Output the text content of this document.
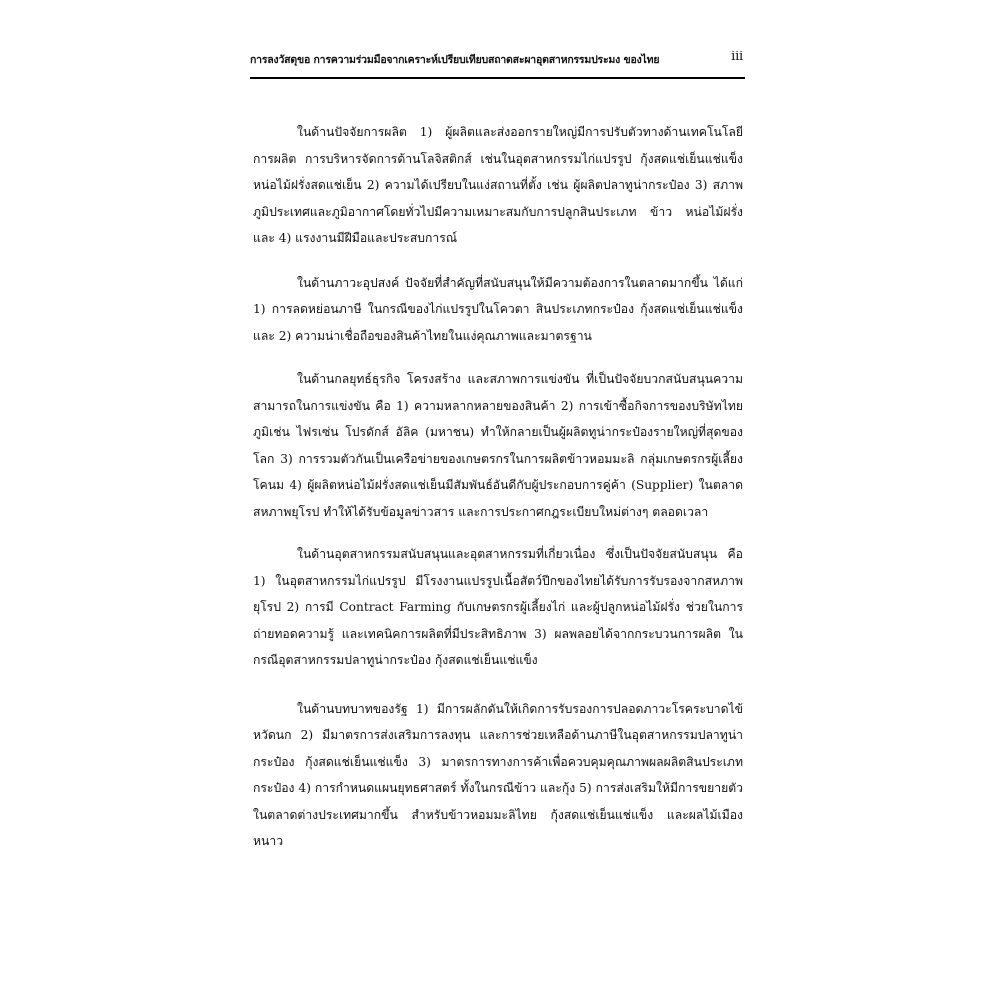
การลงวัสดุขอ การความร่วมมือจากเคราะห์เปรียบเทียบสถาดสะผาอุตสาหกรรมประมง ของไทย	iii

ในด้านปัจจัยการผลิต 1) ผู้ผลิตและส่งออกรายใหญ่มีการปรับตัวทางด้านเทคโนโลยีการผลิต การบริหารจัดการด้านโลจิสติกส์ เช่นในอุตสาหกรรมไก่แปรรูป กุ้งสดแช่เย็นแช่แข็ง หน่อไม้ฝรั่งสดแช่เย็น 2) ความได้เปรียบในแง่สถานที่ตั้ง เช่น ผู้ผลิตปลาทูน่ากระป๋อง 3) สภาพภูมิประเทศและภูมิอากาศโดยทั่วไปมีความเหมาะสมกับการปลูกสินประเภท ข้าว หน่อไม้ฝรั่ง และ 4) แรงงานมีฝีมือและประสบการณ์

ในด้านภาวะอุปสงค์ ปัจจัยที่สำคัญที่สนับสนุนให้มีความต้องการในตลาดมากขึ้น ได้แก่ 1) การลดหย่อนภาษี ในกรณีของไก่แปรรูปในโควตา สินประเภทกระป๋อง กุ้งสดแช่เย็นแช่แข็ง และ 2) ความน่าเชื่อถือของสินค้าไทยในแง่คุณภาพและมาตรฐาน

ในด้านกลยุทธ์ธุรกิจ โครงสร้าง และสภาพการแข่งขัน ที่เป็นปัจจัยบวกสนับสนุนความสามารถในการแข่งขัน คือ 1) ความหลากหลายของสินค้า 2) การเข้าซื้อกิจการของบริษัทไทยภูมิเช่น ไฟรเซ่น โปรดักส์ อัลิค (มหาชน) ทำให้กลายเป็นผู้ผลิตทูน่ากระป๋องรายใหญ่ที่สุดของโลก 3) การรวมตัวกันเป็นเครือข่ายของเกษตรกรในการผลิตข้าวหอมมะลิ กลุ่มเกษตรกรผู้เลี้ยงโคนม 4) ผู้ผลิตหน่อไม้ฝรั่งสดแช่เย็นมีสัมพันธ์อันดีกับผู้ประกอบการคู่ค้า (Supplier) ในตลาดสหภาพยุโรป ทำให้ได้รับข้อมูลข่าวสาร และการประกาศกฎระเบียบใหม่ต่างๆ ตลอดเวลา

ในด้านอุตสาหกรรมสนับสนุนและอุตสาหกรรมที่เกี่ยวเนื่อง ซึ่งเป็นปัจจัยสนับสนุน คือ 1) ในอุตสาหกรรมไก่แปรรูป มีโรงงานแปรรูปเนื้อสัตว์ปีกของไทยได้รับการรับรองจากสหภาพยุโรป 2) การมี Contract Farming กับเกษตรกรผู้เลี้ยงไก่ และผู้ปลูกหน่อไม้ฝรั่ง ช่วยในการถ่ายทอดความรู้ และเทคนิคการผลิตที่มีประสิทธิภาพ 3) ผลพลอยได้จากกระบวนการผลิต ในกรณีอุตสาหกรรมปลาทูน่ากระป๋อง กุ้งสดแช่เย็นแช่แข็ง

ในด้านบทบาทของรัฐ 1) มีการผลักดันให้เกิดการรับรองการปลอดภาวะโรคระบาดไข้หวัดนก 2) มีมาตรการส่งเสริมการลงทุน และการช่วยเหลือด้านภาษีในอุตสาหกรรมปลาทูน่ากระป๋อง กุ้งสดแช่เย็นแช่แข็ง 3) มาตรการทางการค้าเพื่อควบคุมคุณภาพผลผลิตสินประเภทกระป๋อง 4) การกำหนดแผนยุทธศาสตร์ ทั้งในกรณีข้าว และกุ้ง 5) การส่งเสริมให้มีการขยายตัวในตลาดต่างประเทศมากขึ้น สำหรับข้าวหอมมะลิไทย กุ้งสดแช่เย็นแช่แข็ง และผลไม้เมืองหนาว
